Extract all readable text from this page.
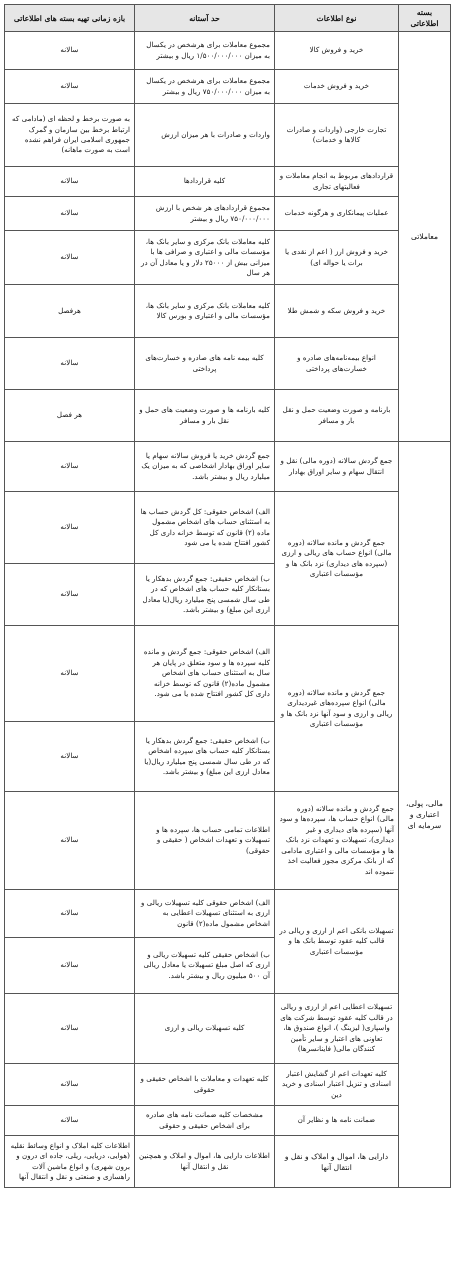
بسته اطلاعاتی	نوع اطلاعات	حد آستانه	بازه زمانی تهیه بسته های اطلاعاتی	
معاملاتی	خرید و فروش کالا	مجموع معاملات برای هرشخص در یکسال به میزان ۱/۵۰۰/۰۰۰/۰۰۰ ریال و بیشتر	سالانه	
	خرید و فروش خدمات	مجموع معاملات برای هرشخص در یکسال به میزان ۷۵۰/۰۰۰/۰۰۰ ریال و بیشتر	سالانه	
	تجارت خارجی (واردات و صادرات کالاها و خدمات)	واردات و صادرات با هر میزان ارزش	به صورت برخط و لحظه ای (مادامی که ارتباط برخط بین سازمان و گمرک جمهوری اسلامی ایران فراهم نشده است به صورت ماهانه)	
	قراردادهای مربوط به انجام معاملات و فعالیتهای تجاری	کلیه قراردادها	سالانه	
	عملیات پیمانکاری و هرگونه خدمات	مجموع قراردادهای هر شخص با ارزش ۷۵۰/۰۰۰/۰۰۰ ریال و بیشتر	سالانه	
	خرید و فروش ارز ( اعم از نقدی یا برات یا حواله ای)	کلیه معاملات بانک مرکزی و سایر بانک ها، مؤسسات مالی و اعتباری و صرافی ها با میزانی بیش از ۲۵۰۰۰ دلار و یا معادل آن در هر سال	سالانه	
	خرید و فروش سکه و شمش طلا	کلیه معاملات بانک مرکزی و سایر بانک ها، مؤسسات مالی و اعتباری و بورس کالا	هرفصل	
	انواع بیمه‌نامه‌های صادره و خسارت‌های پرداختی	کلیه بیمه نامه های صادره و خسارت‌های پرداختی	سالانه	
	بارنامه و صورت وضعیت حمل و نقل بار و مسافر	کلیه بارنامه ها و صورت وضعیت های حمل و نقل بار و مسافر	هر فصل	
مالی، پولی، اعتباری و سرمایه ای	جمع گردش سالانه (دوره مالی) نقل و انتقال سهام و سایر اوراق بهادار	جمع گردش خرید یا فروش سالانه سهام یا سایر اوراق بهادار اشخاصی که به میزان یک میلیارد ریال و بیشتر باشد.	سالانه	
	جمع گردش و مانده سالانه (دوره مالی) انواع حساب های ریالی و ارزی (سپرده های دیداری) نزد بانک ها و مؤسسات اعتباری	الف) اشخاص حقوقی: کل گردش حساب ها به استثنای حساب های اشخاص مشمول ماده (۲) قانون که توسط خزانه داری کل کشور افتتاح شده یا می شود	سالانه	
		ب) اشخاص حقیقی: جمع گردش بدهکار یا بستانکار کلیه حساب های اشخاص که در طی سال شمسی پنج میلیارد ریال(یا معادل ارزی این مبلغ) و بیشتر باشد.	سالانه	
	جمع گردش و مانده سالانه (دوره مالی) انواع سپرده‌های غیردیداری ریالی و ارزی و سود آنها نزد بانک ها و مؤسسات اعتباری	الف) اشخاص حقوقی: جمع گردش و مانده کلیه سپرده ها و سود متعلق در پایان هر سال به استثنای حساب های اشخاص مشمول ماده(۲) قانون که توسط خزانه داری کل کشور افتتاح شده یا می شود.	سالانه	
		ب) اشخاص حقیقی: جمع گردش بدهکار یا بستانکار کلیه حساب های سپرده اشخاص که در طی سال شمسی پنج میلیارد ریال(یا معادل ارزی این مبلغ) و بیشتر باشد.	سالانه	
	جمع گردش و مانده سالانه (دوره مالی) انواع حساب ها، سپرده‌ها و سود آنها (سپرده های دیداری و غیر دیداری)، تسهیلات و تعهدات نزد بانک ها و مؤسسات مالی و اعتباری مادامی که از بانک مرکزی مجوز فعالیت اخذ ننموده اند	اطلاعات تمامی حساب ها، سپرده ها و تسهیلات و تعهدات اشخاص ( حقیقی و حقوقی)	سالانه	
	تسهیلات بانکی اعم از ارزی و ریالی در قالب کلیه عقود توسط بانک ها و مؤسسات اعتباری	الف) اشخاص حقوقی کلیه تسهیلات ریالی و ارزی به استثنای تسهیلات اعطایی به اشخاص مشمول ماده(۲) قانون	سالانه	
		ب) اشخاص حقیقی کلیه تسهیلات ریالی و ارزی که اصل مبلغ تسهیلات یا معادل ریالی آن ۵۰۰ میلیون ریال و بیشتر باشد.	سالانه	
	تسهیلات اعطایی اعم از ارزی و ریالی در قالب کلیه عقود توسط شرکت های واسپاری( لیزینگ )، انواع صندوق ها، تعاونی های اعتبار و سایر تأمین کنندگان مالی( فاینانسرها)	کلیه تسهیلات ریالی و ارزی	سالانه	
	کلیه تعهدات اعم از گشایش اعتبار اسنادی و تنزیل اعتبار اسنادی و خرید دین	کلیه تعهدات و معاملات با اشخاص حقیقی و حقوقی	سالانه	
	ضمانت نامه ها و نظایر آن	مشخصات کلیه ضمانت نامه های صادره برای اشخاص حقیقی و حقوقی	سالانه	
	دارایی ها، اموال و املاک و نقل و انتقال آنها	اطلاعات دارایی ها، اموال و املاک و همچنین نقل و انتقال آنها	اطلاعات کلیه املاک و انواع وسائط نقلیه (هوایی، دریایی، ریلی، جاده ای درون و برون شهری) و انواع ماشین آلات راهسازی و صنعتی و نقل و انتقال آنها	
